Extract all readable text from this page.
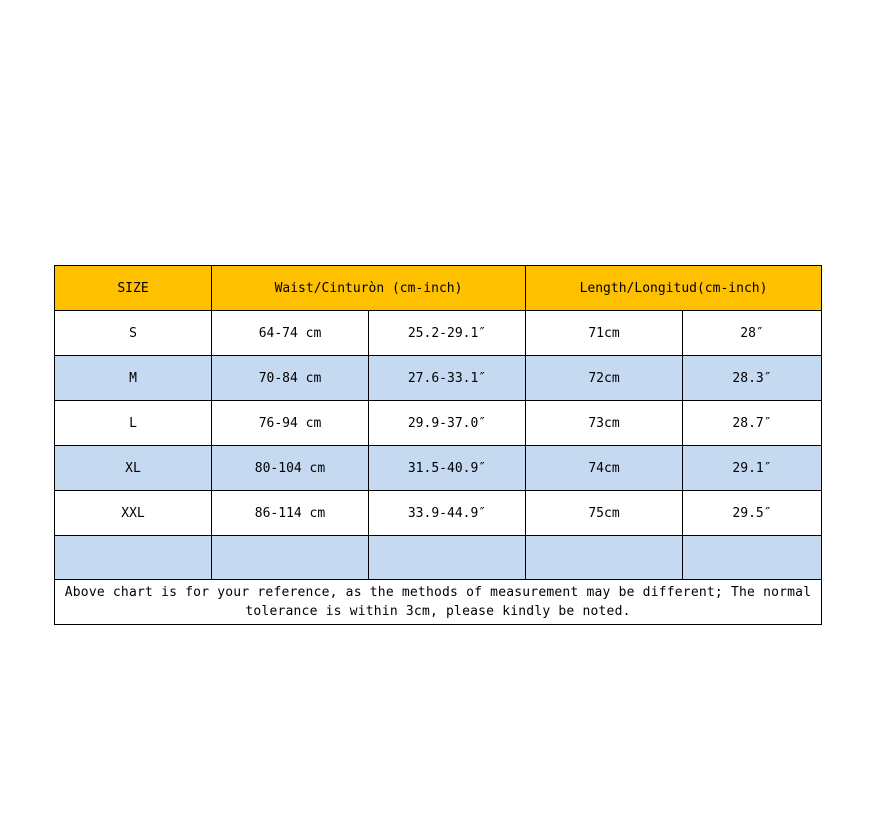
SIZE	Waist/Cinturòn (cm-inch)		Length/Longitud(cm-inch)	
S	64-74 cm	25.2-29.1″	71cm	28″
M	70-84 cm	27.6-33.1″	72cm	28.3″
L	76-94 cm	29.9-37.0″	73cm	28.7″
XL	80-104 cm	31.5-40.9″	74cm	29.1″
XXL	86-114 cm	33.9-44.9″	75cm	29.5″

Above chart is for your reference, as the methods of measurement may be different; The normal tolerance is within 3cm, please kindly be noted.				
